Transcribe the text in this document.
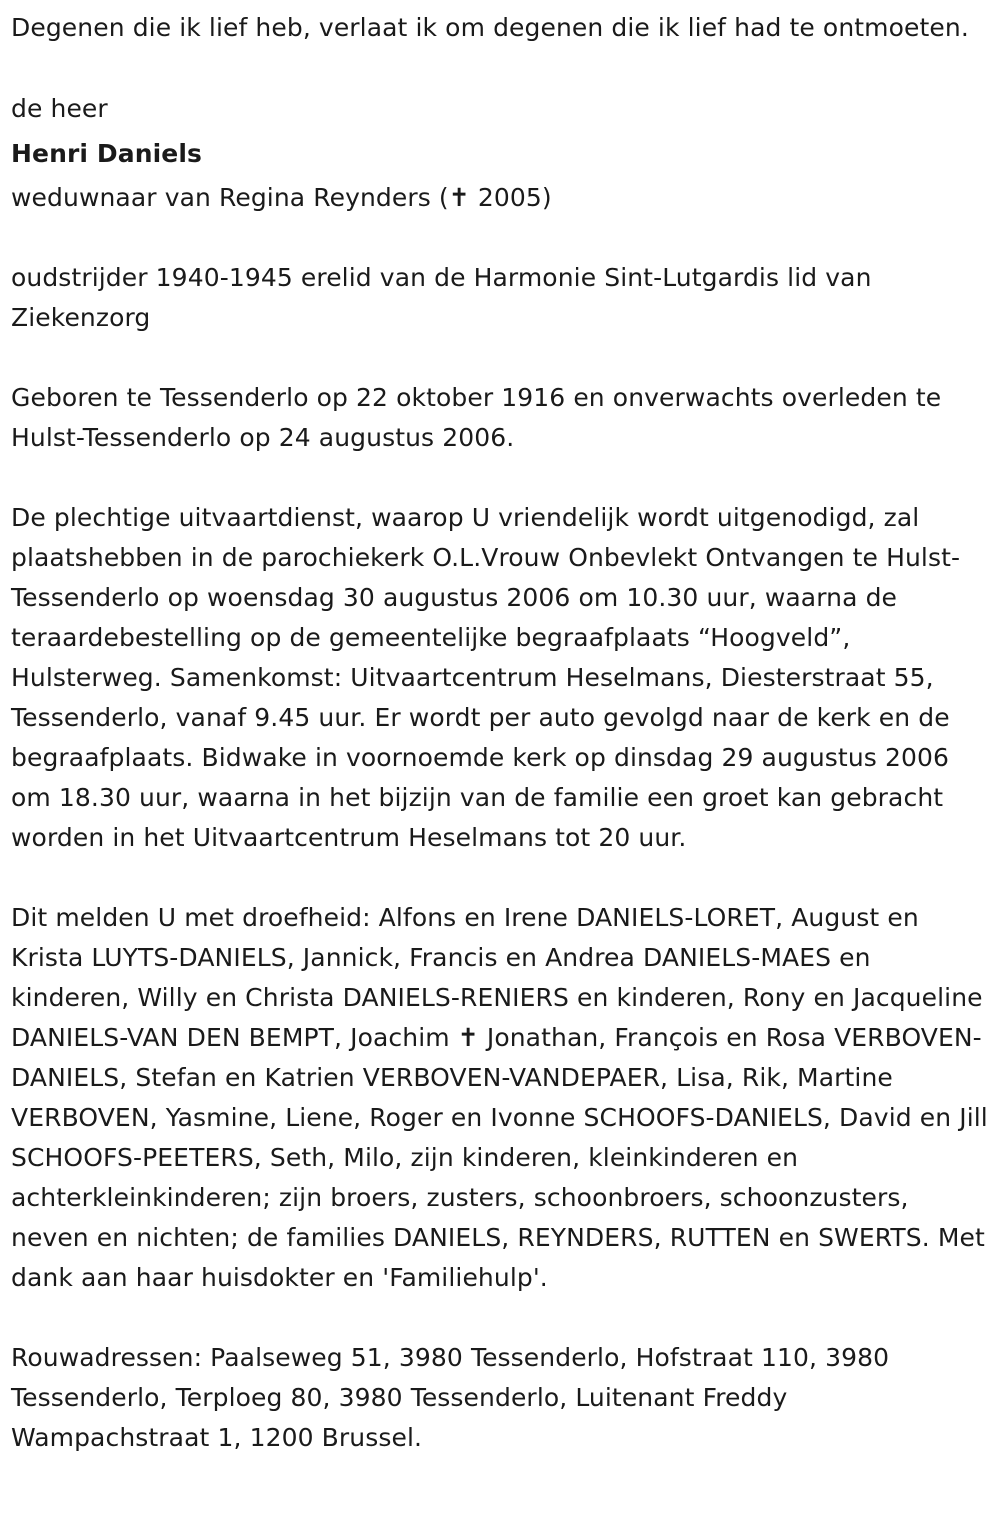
Degenen die ik lief heb, verlaat ik om degenen die ik lief had te ontmoeten.

de heer

Henri Daniels

weduwnaar van Regina Reynders (✝ 2005)

oudstrijder 1940-1945 erelid van de Harmonie Sint-Lutgardis lid van Ziekenzorg

Geboren te Tessenderlo op 22 oktober 1916 en onverwachts overleden te Hulst-Tessenderlo op 24 augustus 2006.

De plechtige uitvaartdienst, waarop U vriendelijk wordt uitgenodigd, zal plaatshebben in de parochiekerk O.L.Vrouw Onbevlekt Ontvangen te Hulst-Tessenderlo op woensdag 30 augustus 2006 om 10.30 uur, waarna de teraardebestelling op de gemeentelijke begraafplaats “Hoogveld”, Hulsterweg. Samenkomst: Uitvaartcentrum Heselmans, Diesterstraat 55, Tessenderlo, vanaf 9.45 uur. Er wordt per auto gevolgd naar de kerk en de begraafplaats. Bidwake in voornoemde kerk op dinsdag 29 augustus 2006 om 18.30 uur, waarna in het bijzijn van de familie een groet kan gebracht worden in het Uitvaartcentrum Heselmans tot 20 uur.

Dit melden U met droefheid: Alfons en Irene DANIELS-LORET, August en Krista LUYTS-DANIELS, Jannick, Francis en Andrea DANIELS-MAES en kinderen, Willy en Christa DANIELS-RENIERS en kinderen, Rony en Jacqueline DANIELS-VAN DEN BEMPT, Joachim ✝ Jonathan, François en Rosa VERBOVEN-DANIELS, Stefan en Katrien VERBOVEN-VANDEPAER, Lisa, Rik, Martine VERBOVEN, Yasmine, Liene, Roger en Ivonne SCHOOFS-DANIELS, David en Jill SCHOOFS-PEETERS, Seth, Milo, zijn kinderen, kleinkinderen en achterkleinkinderen; zijn broers, zusters, schoonbroers, schoonzusters, neven en nichten; de families DANIELS, REYNDERS, RUTTEN en SWERTS. Met dank aan haar huisdokter en 'Familiehulp'.

Rouwadressen: Paalseweg 51, 3980 Tessenderlo, Hofstraat 110, 3980 Tessenderlo, Terploeg 80, 3980 Tessenderlo, Luitenant Freddy Wampachstraat 1, 1200 Brussel.
